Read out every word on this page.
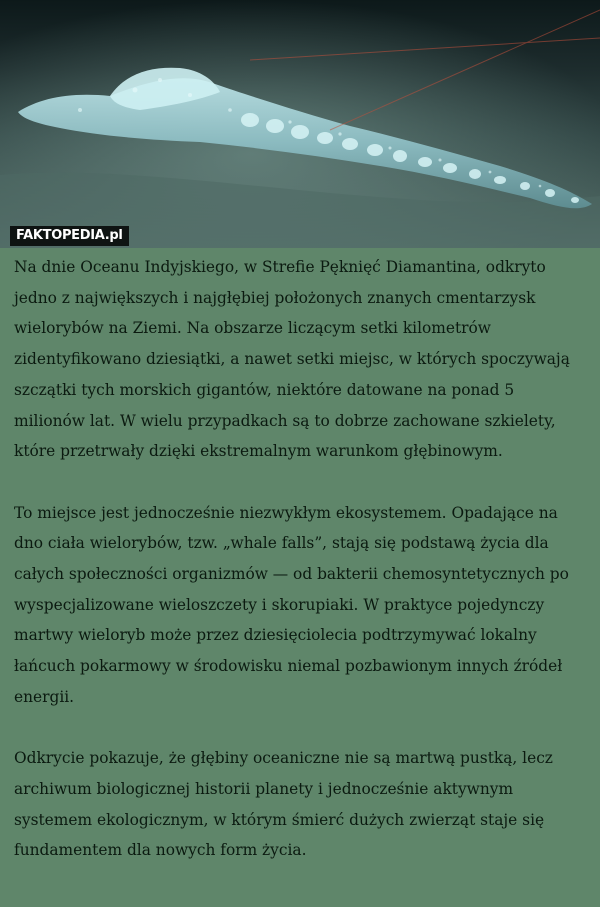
FAKTOPEDIA.pl

Na dnie Oceanu Indyjskiego, w Strefie Pęknięć Diamantina, odkryto jedno z największych i najgłębiej położonych znanych cmentarzysk wielorybów na Ziemi. Na obszarze liczącym setki kilometrów zidentyfikowano dziesiątki, a nawet setki miejsc, w których spoczywają szczątki tych morskich gigantów, niektóre datowane na ponad 5 milionów lat. W wielu przypadkach są to dobrze zachowane szkielety, które przetrwały dzięki ekstremalnym warunkom głębinowym.

To miejsce jest jednocześnie niezwykłym ekosystemem. Opadające na dno ciała wielorybów, tzw. „whale falls”, stają się podstawą życia dla całych społeczności organizmów — od bakterii chemosyntetycznych po wyspecjalizowane wieloszczety i skorupiaki. W praktyce pojedynczy martwy wieloryb może przez dziesięciolecia podtrzymywać lokalny łańcuch pokarmowy w środowisku niemal pozbawionym innych źródeł energii.

Odkrycie pokazuje, że głębiny oceaniczne nie są martwą pustką, lecz archiwum biologicznej historii planety i jednocześnie aktywnym systemem ekologicznym, w którym śmierć dużych zwierząt staje się fundamentem dla nowych form życia.
